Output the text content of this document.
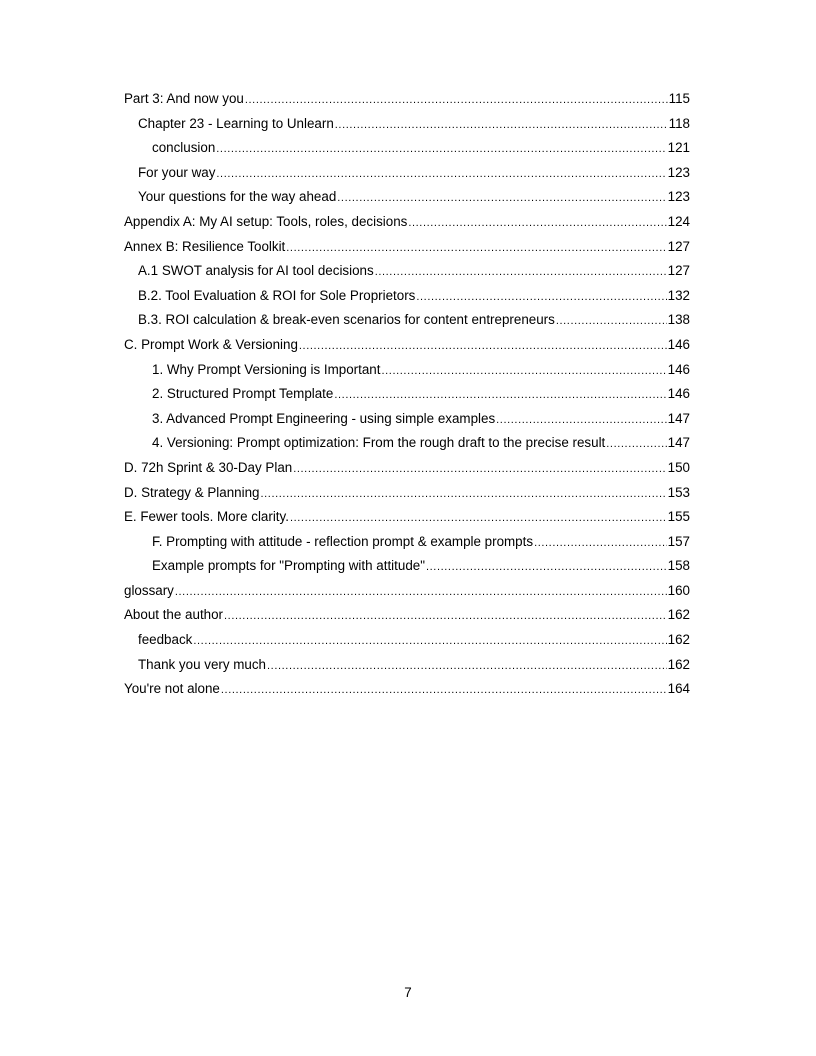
Part 3: And now you .....	115
Chapter 23 - Learning to Unlearn .....	118
conclusion .....	121
For your way .....	123
Your questions for the way ahead .....	123
Appendix A: My AI setup: Tools, roles, decisions .....	124
Annex B: Resilience Toolkit .....	127
A.1 SWOT analysis for AI tool decisions .....	127
B.2. Tool Evaluation & ROI for Sole Proprietors .....	132
B.3. ROI calculation & break-even scenarios for content entrepreneurs .....	138
C. Prompt Work & Versioning .....	146
1. Why Prompt Versioning is Important .....	146
2. Structured Prompt Template .....	146
3. Advanced Prompt Engineering - using simple examples .....	147
4. Versioning: Prompt optimization: From the rough draft to the precise result .....	147
D. 72h Sprint & 30-Day Plan .....	150
D. Strategy & Planning .....	153
E. Fewer tools. More clarity. .....	155
F. Prompting with attitude - reflection prompt & example prompts .....	157
Example prompts for "Prompting with attitude" .....	158
glossary .....	160
About the author .....	162
feedback .....	162
Thank you very much .....	162
You're not alone .....	164
7
